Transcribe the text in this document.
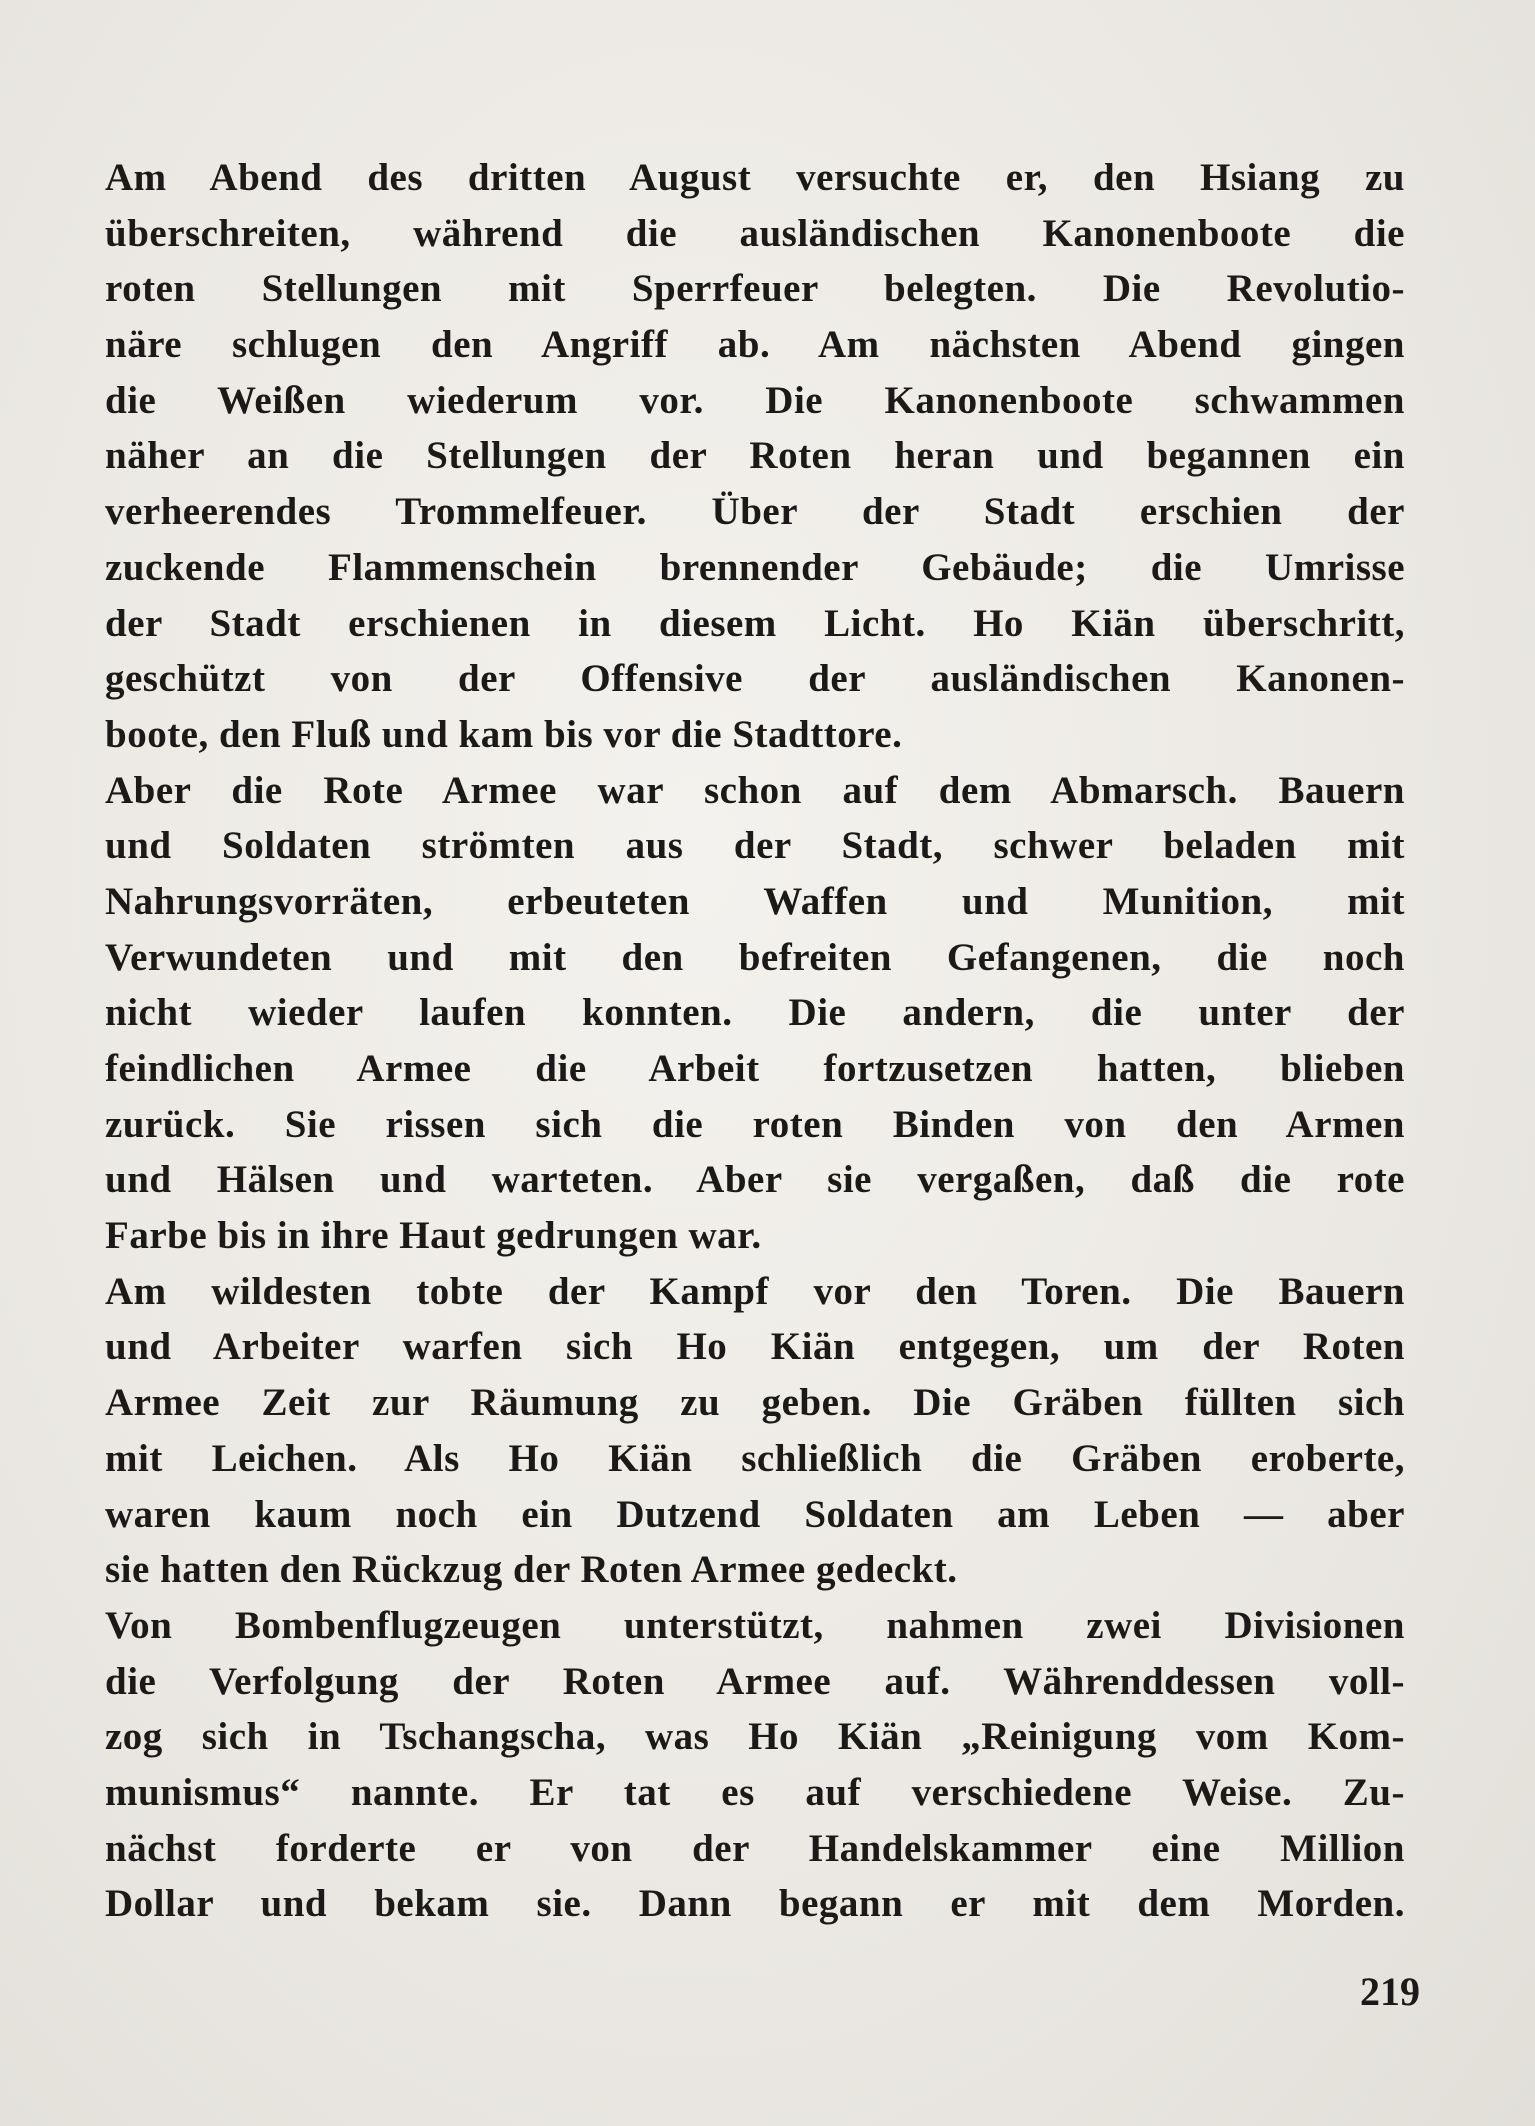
Am Abend des dritten August versuchte er, den Hsiang zu
überschreiten, während die ausländischen Kanonenboote die
roten Stellungen mit Sperrfeuer belegten. Die Revolutio-
näre schlugen den Angriff ab. Am nächsten Abend gingen
die Weißen wiederum vor. Die Kanonenboote schwammen
näher an die Stellungen der Roten heran und begannen ein
verheerendes Trommelfeuer. Über der Stadt erschien der
zuckende Flammenschein brennender Gebäude; die Umrisse
der Stadt erschienen in diesem Licht. Ho Kiän überschritt,
geschützt von der Offensive der ausländischen Kanonen-
boote, den Fluß und kam bis vor die Stadttore.
Aber die Rote Armee war schon auf dem Abmarsch. Bauern
und Soldaten strömten aus der Stadt, schwer beladen mit
Nahrungsvorräten, erbeuteten Waffen und Munition, mit
Verwundeten und mit den befreiten Gefangenen, die noch
nicht wieder laufen konnten. Die andern, die unter der
feindlichen Armee die Arbeit fortzusetzen hatten, blieben
zurück. Sie rissen sich die roten Binden von den Armen
und Hälsen und warteten. Aber sie vergaßen, daß die rote
Farbe bis in ihre Haut gedrungen war.
Am wildesten tobte der Kampf vor den Toren. Die Bauern
und Arbeiter warfen sich Ho Kiän entgegen, um der Roten
Armee Zeit zur Räumung zu geben. Die Gräben füllten sich
mit Leichen. Als Ho Kiän schließlich die Gräben eroberte,
waren kaum noch ein Dutzend Soldaten am Leben — aber
sie hatten den Rückzug der Roten Armee gedeckt.
Von Bombenflugzeugen unterstützt, nahmen zwei Divisionen
die Verfolgung der Roten Armee auf. Währenddessen voll-
zog sich in Tschangscha, was Ho Kiän „Reinigung vom Kom-
munismus“ nannte. Er tat es auf verschiedene Weise. Zu-
nächst forderte er von der Handelskammer eine Million
Dollar und bekam sie. Dann begann er mit dem Morden.
219
